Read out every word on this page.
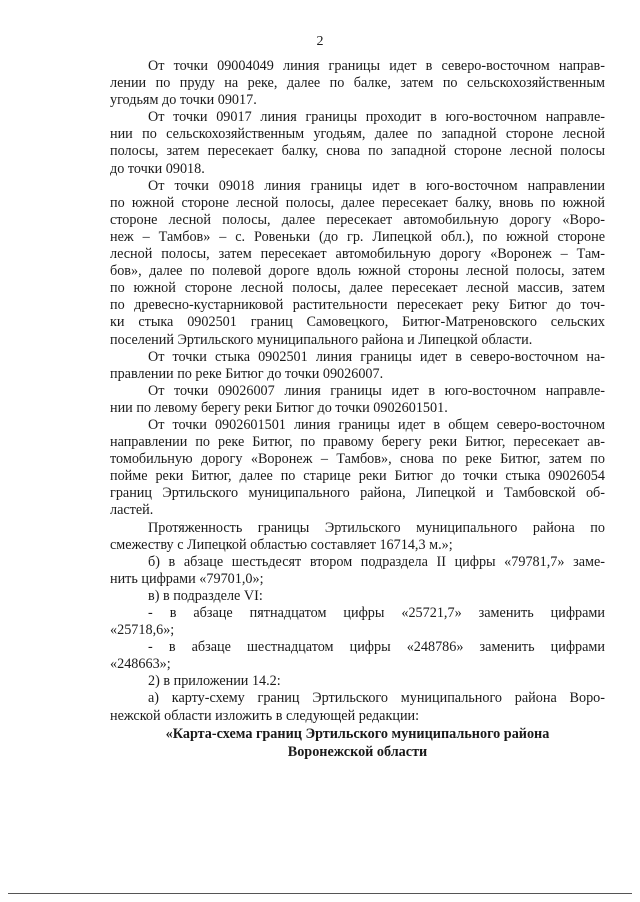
2
От точки 09004049 линия границы идет в северо-восточном направ-
лении по пруду на реке, далее по балке, затем по сельскохозяйственным
угодьям до точки 09017.
От точки 09017 линия границы проходит в юго-восточном направле-
нии по сельскохозяйственным угодьям, далее по западной стороне лесной
полосы, затем пересекает балку, снова по западной стороне лесной полосы
до точки 09018.
От точки 09018 линия границы идет в юго-восточном направлении
по южной стороне лесной полосы, далее пересекает балку, вновь по южной
стороне лесной полосы, далее пересекает автомобильную дорогу «Воро-
неж – Тамбов» – с. Ровеньки (до гр. Липецкой обл.), по южной стороне
лесной полосы, затем пересекает автомобильную дорогу «Воронеж – Там-
бов», далее по полевой дороге вдоль южной стороны лесной полосы, затем
по южной стороне лесной полосы, далее пересекает лесной массив, затем
по древесно-кустарниковой растительности пересекает реку Битюг до точ-
ки стыка 0902501 границ Самовецкого, Битюг-Матреновского сельских
поселений Эртильского муниципального района и Липецкой области.
От точки стыка 0902501 линия границы идет в северо-восточном на-
правлении по реке Битюг до точки 09026007.
От точки 09026007 линия границы идет в юго-восточном направле-
нии по левому берегу реки Битюг до точки 0902601501.
От точки 0902601501 линия границы идет в общем северо-восточном
направлении по реке Битюг, по правому берегу реки Битюг, пересекает ав-
томобильную дорогу «Воронеж – Тамбов», снова по реке Битюг, затем по
пойме реки Битюг, далее по старице реки Битюг до точки стыка 09026054
границ Эртильского муниципального района, Липецкой и Тамбовской об-
ластей.
Протяженность границы Эртильского муниципального района по
смежеству с Липецкой областью составляет 16714,3 м.»;
б) в абзаце шестьдесят втором подраздела II цифры «79781,7» заме-
нить цифрами «79701,0»;
в) в подразделе VI:
- в абзаце пятнадцатом цифры «25721,7» заменить цифрами
«25718,6»;
- в абзаце шестнадцатом цифры «248786» заменить цифрами
«248663»;
2) в приложении 14.2:
а) карту-схему границ Эртильского муниципального района Воро-
нежской области изложить в следующей редакции:
«Карта-схема границ Эртильского муниципального района
Воронежской области
